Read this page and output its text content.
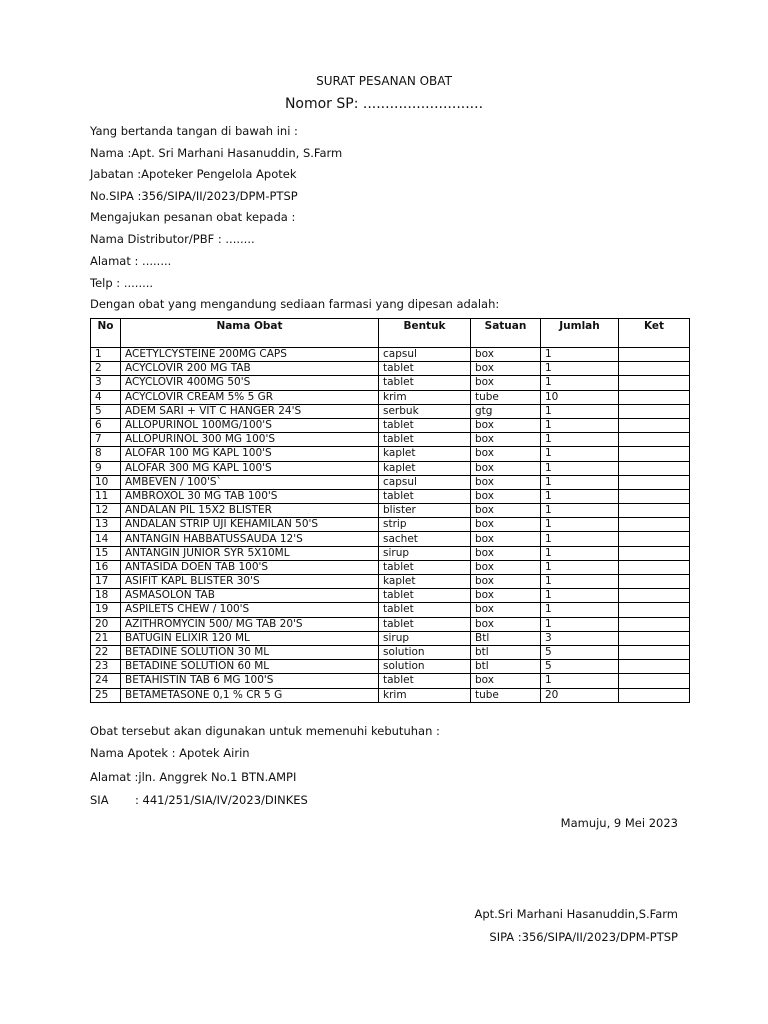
SURAT PESANAN OBAT
Nomor SP: ...........................
Yang bertanda tangan di bawah ini :
Nama :Apt. Sri Marhani Hasanuddin, S.Farm
Jabatan :Apoteker Pengelola Apotek
No.SIPA :356/SIPA/II/2023/DPM-PTSP
Mengajukan pesanan obat kepada :
Nama Distributor/PBF : ........
Alamat : ........
Telp : ........
Dengan obat yang mengandung sediaan farmasi yang dipesan adalah:
No	Nama Obat	Bentuk	Satuan	Jumlah	Ket
1	ACETYLCYSTEINE 200MG CAPS	capsul	box	1	
2	ACYCLOVIR 200 MG TAB	tablet	box	1	
3	ACYCLOVIR 400MG 50'S	tablet	box	1	
4	ACYCLOVIR CREAM 5% 5 GR	krim	tube	10	
5	ADEM SARI + VIT C HANGER 24'S	serbuk	gtg	1	
6	ALLOPURINOL 100MG/100'S	tablet	box	1	
7	ALLOPURINOL 300 MG 100'S	tablet	box	1	
8	ALOFAR 100 MG KAPL 100'S	kaplet	box	1	
9	ALOFAR 300 MG KAPL 100'S	kaplet	box	1	
10	AMBEVEN / 100'S`	capsul	box	1	
11	AMBROXOL 30 MG TAB 100'S	tablet	box	1	
12	ANDALAN PIL 15X2 BLISTER	blister	box	1	
13	ANDALAN STRIP UJI KEHAMILAN 50'S	strip	box	1	
14	ANTANGIN HABBATUSSAUDA 12'S	sachet	box	1	
15	ANTANGIN JUNIOR SYR 5X10ML	sirup	box	1	
16	ANTASIDA DOEN TAB 100'S	tablet	box	1	
17	ASIFIT KAPL BLISTER 30'S	kaplet	box	1	
18	ASMASOLON TAB	tablet	box	1	
19	ASPILETS CHEW / 100'S	tablet	box	1	
20	AZITHROMYCIN 500/ MG TAB 20'S	tablet	box	1	
21	BATUGIN ELIXIR 120 ML	sirup	Btl	3	
22	BETADINE SOLUTION 30 ML	solution	btl	5	
23	BETADINE SOLUTION 60 ML	solution	btl	5	
24	BETAHISTIN TAB 6 MG 100'S	tablet	box	1	
25	BETAMETASONE 0,1 % CR 5 G	krim	tube	20	
Obat tersebut akan digunakan untuk memenuhi kebutuhan :
Nama Apotek : Apotek Airin
Alamat :jln. Anggrek No.1 BTN.AMPI
SIA : 441/251/SIA/IV/2023/DINKES
Mamuju, 9 Mei 2023
Apt.Sri Marhani Hasanuddin,S.Farm
SIPA :356/SIPA/II/2023/DPM-PTSP
